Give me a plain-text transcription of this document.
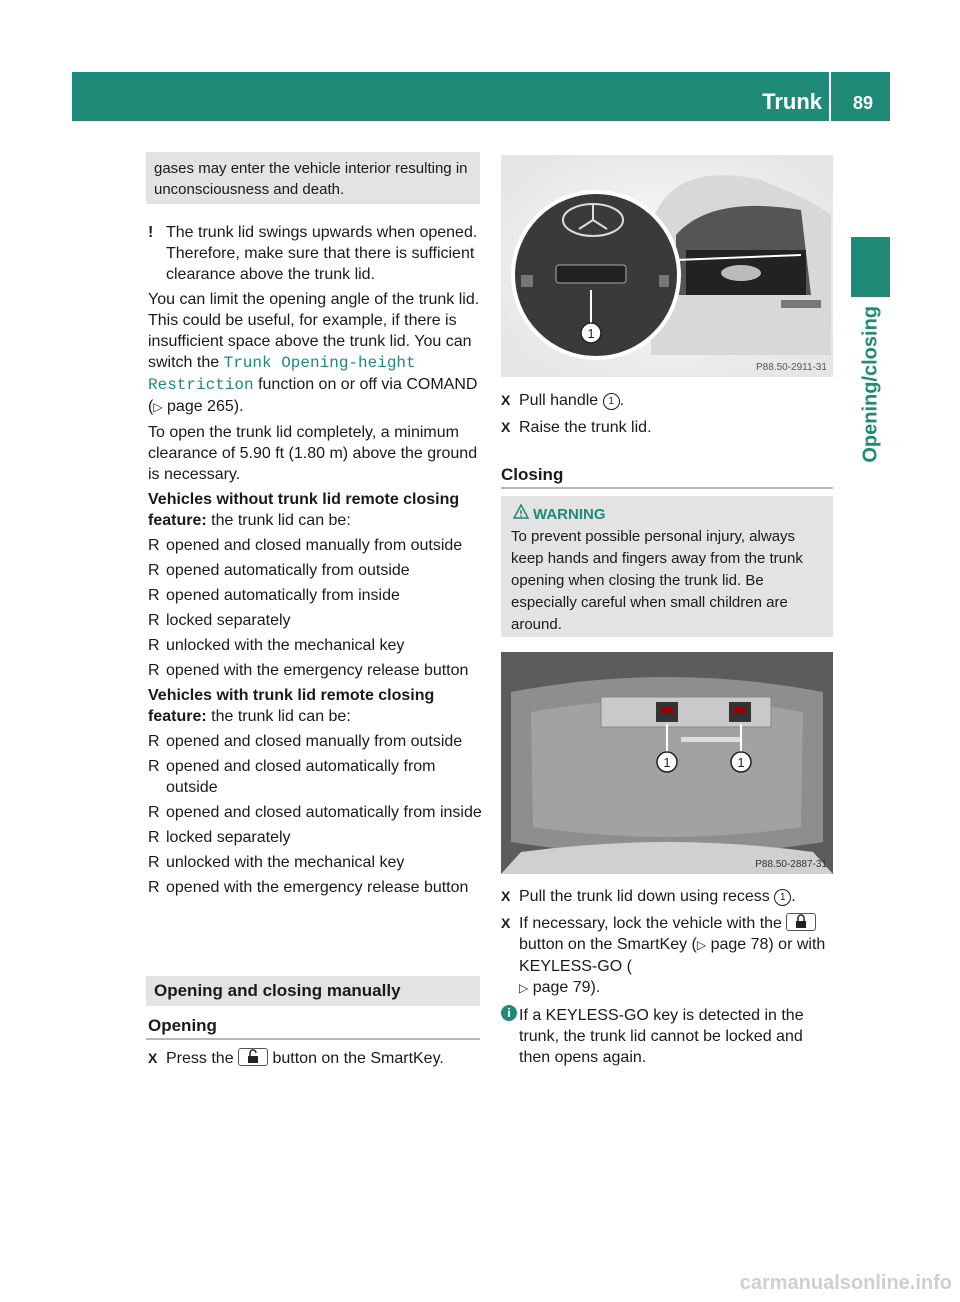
Trunk	89
Opening/closing
gases may enter the vehicle interior resulting in unconsciousness and death.
! The trunk lid swings upwards when opened. Therefore, make sure that there is sufficient clearance above the trunk lid.

You can limit the opening angle of the trunk lid. This could be useful, for example, if there is insufficient space above the trunk lid. You can switch the Trunk Opening-height
Restriction function on or off via COMAND (▷ page 265).

To open the trunk lid completely, a minimum clearance of 5.90 ft (1.80 m) above the ground is necessary.

Vehicles without trunk lid remote closing feature: the trunk lid can be:

R opened and closed manually from outside
R opened automatically from outside
R opened automatically from inside
R locked separately
R unlocked with the mechanical key
R opened with the emergency release button

Vehicles with trunk lid remote closing feature: the trunk lid can be:

R opened and closed manually from outside
R opened and closed automatically from outside
R opened and closed automatically from inside
R locked separately
R unlocked with the mechanical key
R opened with the emergency release button
Opening and closing manually
Opening
X Press the
button on the SmartKey.
1
P88.50-2911-31
X Pull handle 1 .
X Raise the trunk lid.
Closing
WARNING
To prevent possible personal injury, always keep hands and fingers away from the trunk opening when closing the trunk lid. Be especially careful when small children are around.
1	1
P88.50-2887-31
X Pull the trunk lid down using recess 1 .
X If necessary, lock the vehicle with the
button on the SmartKey (▷ page 78) or with KEYLESS-GO (
▷ page 79).
i If a KEYLESS-GO key is detected in the trunk, the trunk lid cannot be locked and then opens again.
carmanualsonline.info
